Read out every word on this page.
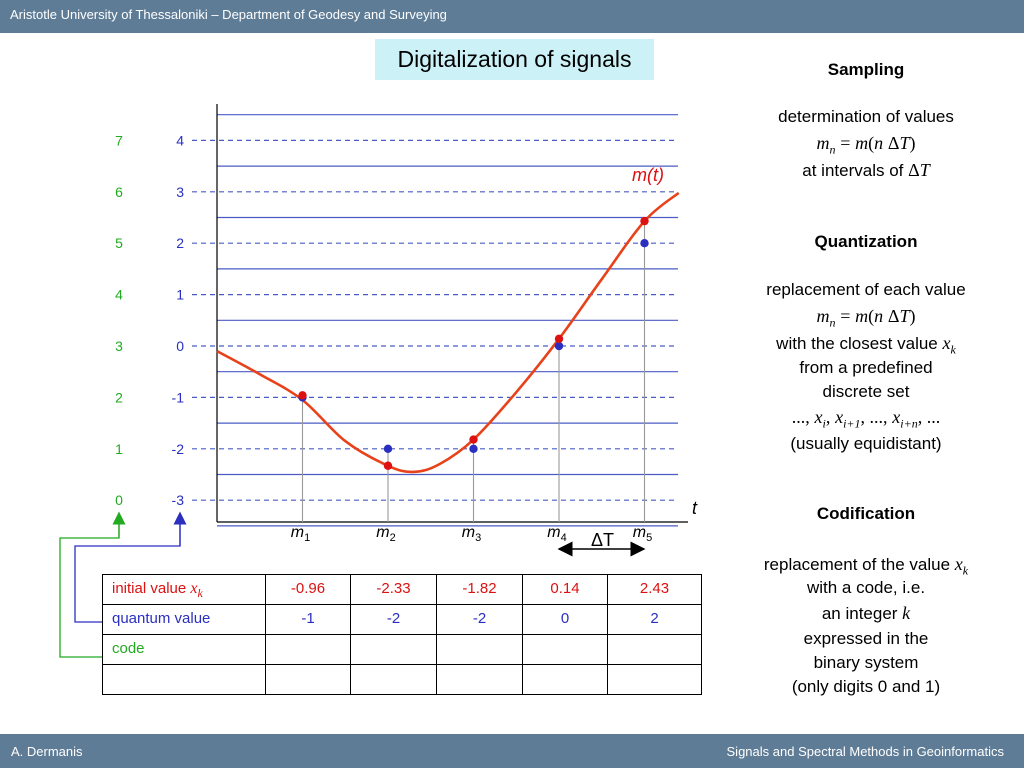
Aristotle University of Thessaloniki – Department of Geodesy and Surveying
Digitalization of signals
4
7
3
6
2
5
1
4
0
3
-1
2
-2
1
-3
0
$m_1$	$m_2$	$m_3$	$m_4$	$m_5$
m(t)
t
ΔT
Sampling
determination of values
$m_n = m(n$ ΔT)
at intervals of ΔT
Quantization
replacement of each value
$m_n = m(n$ ΔT)
with the closest value $x_k$
from a predefined
discrete set
..., $x_i$, $x_{i+1}$, ..., $x_{i+n}$, ...
(usually equidistant)
Codification
replacement of the value $x_k$
with a code, i.e.
an integer k
expressed in the
binary system
(only digits 0 and 1)
initial value $x_k$	-0.96	-2.33	-1.82	0.14	2.43
quantum value	-1	-2	-2	0	2
code					

A. Dermanis	Signals and Spectral Methods in Geoinformatics
